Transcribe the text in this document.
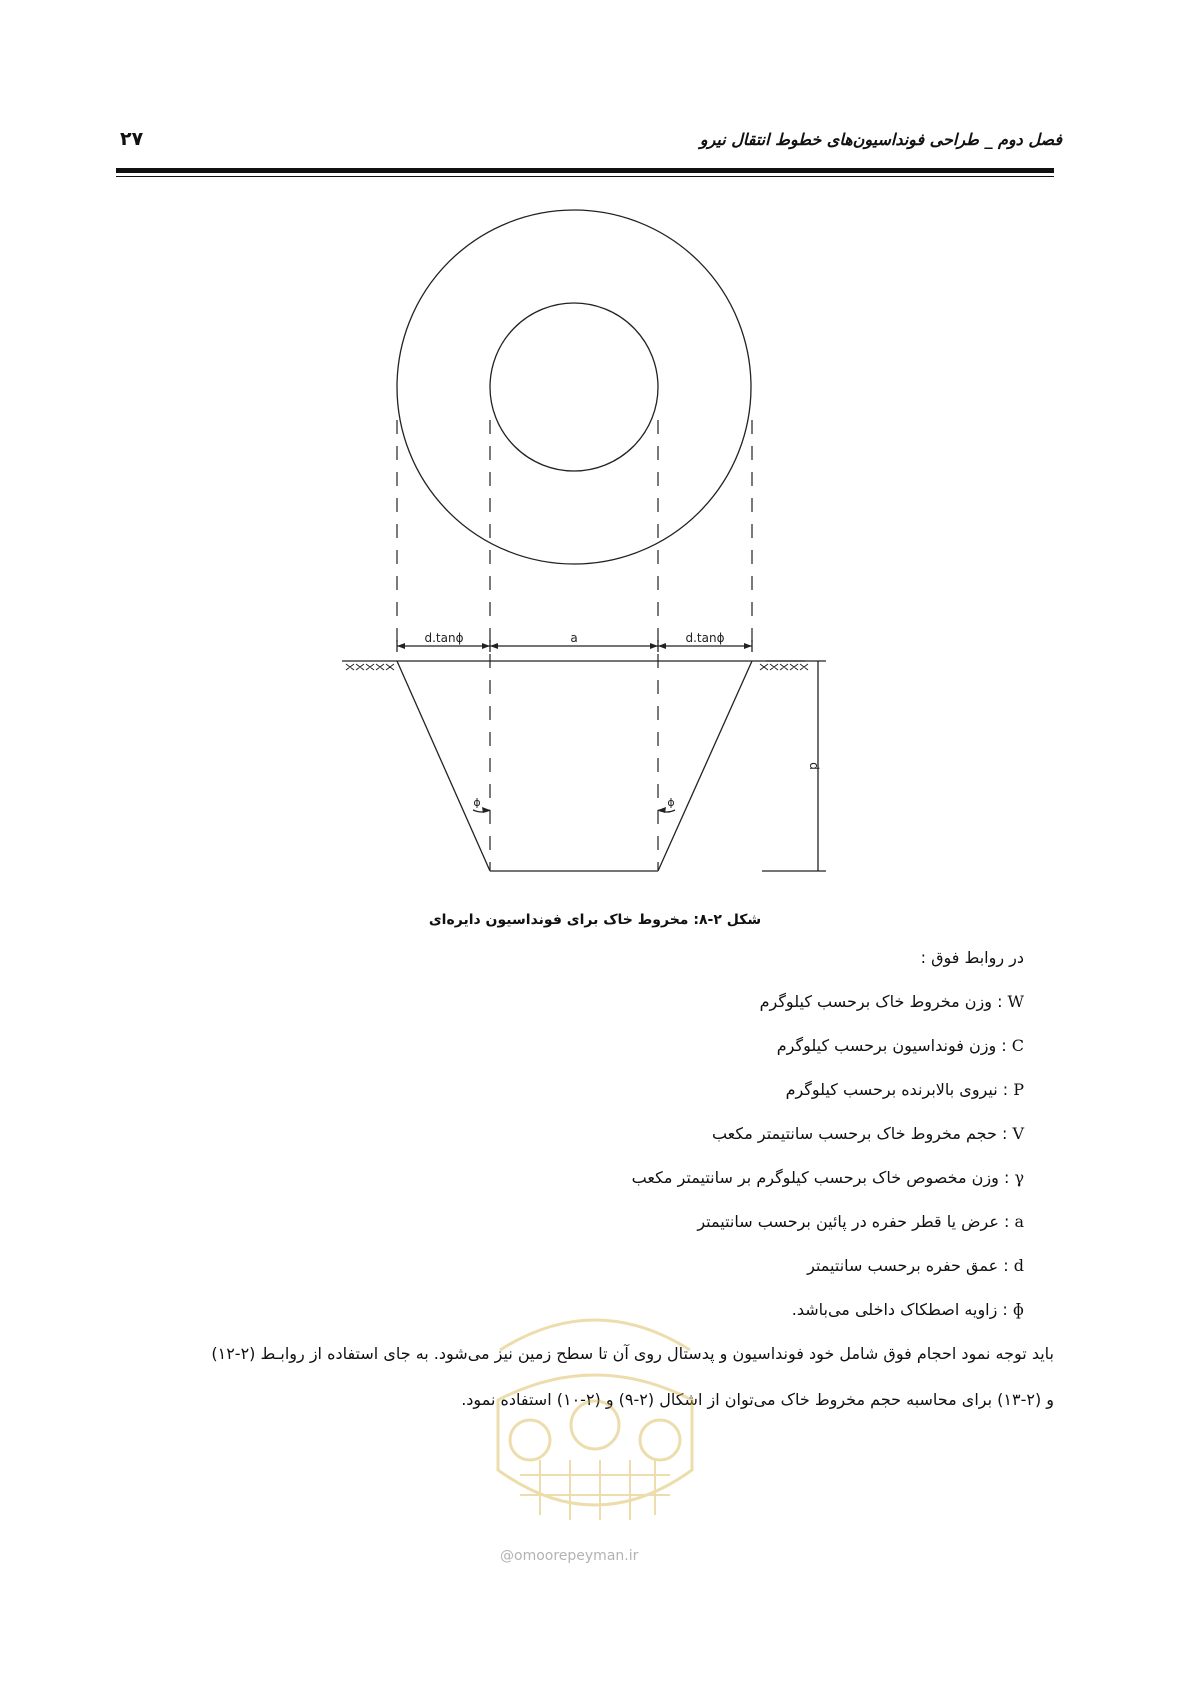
فصل دوم _ طراحی فونداسیون‌های خطوط انتقال نیرو
۲۷
d.tanɸ	a	d.tanɸ
d
ɸ	ɸ
شکل ۲-۸: مخروط خاک برای فونداسیون دایره‌ای
در روابط فوق :
W : وزن مخروط خاک برحسب کیلوگرم
C : وزن فونداسیون برحسب کیلوگرم
P : نیروی بالابرنده برحسب کیلوگرم
V : حجم مخروط خاک برحسب سانتیمتر مکعب
γ : وزن مخصوص خاک برحسب کیلوگرم بر سانتیمتر مکعب
a : عرض یا قطر حفره در پائین برحسب سانتیمتر
d : عمق حفره برحسب سانتیمتر
ɸ : زاویه اصطکاک داخلی می‌باشد.
باید توجه نمود احجام فوق شامل خود فونداسیون و پدستال روی آن تا سطح زمین نیز می‌شود. به جای استفاده از روابـط (۲-۱۲)
و (۲-۱۳) برای محاسبه حجم مخروط خاک می‌توان از اشکال (۲-۹) و (۲-۱۰) استفاده نمود.
@omoorepeyman.ir
